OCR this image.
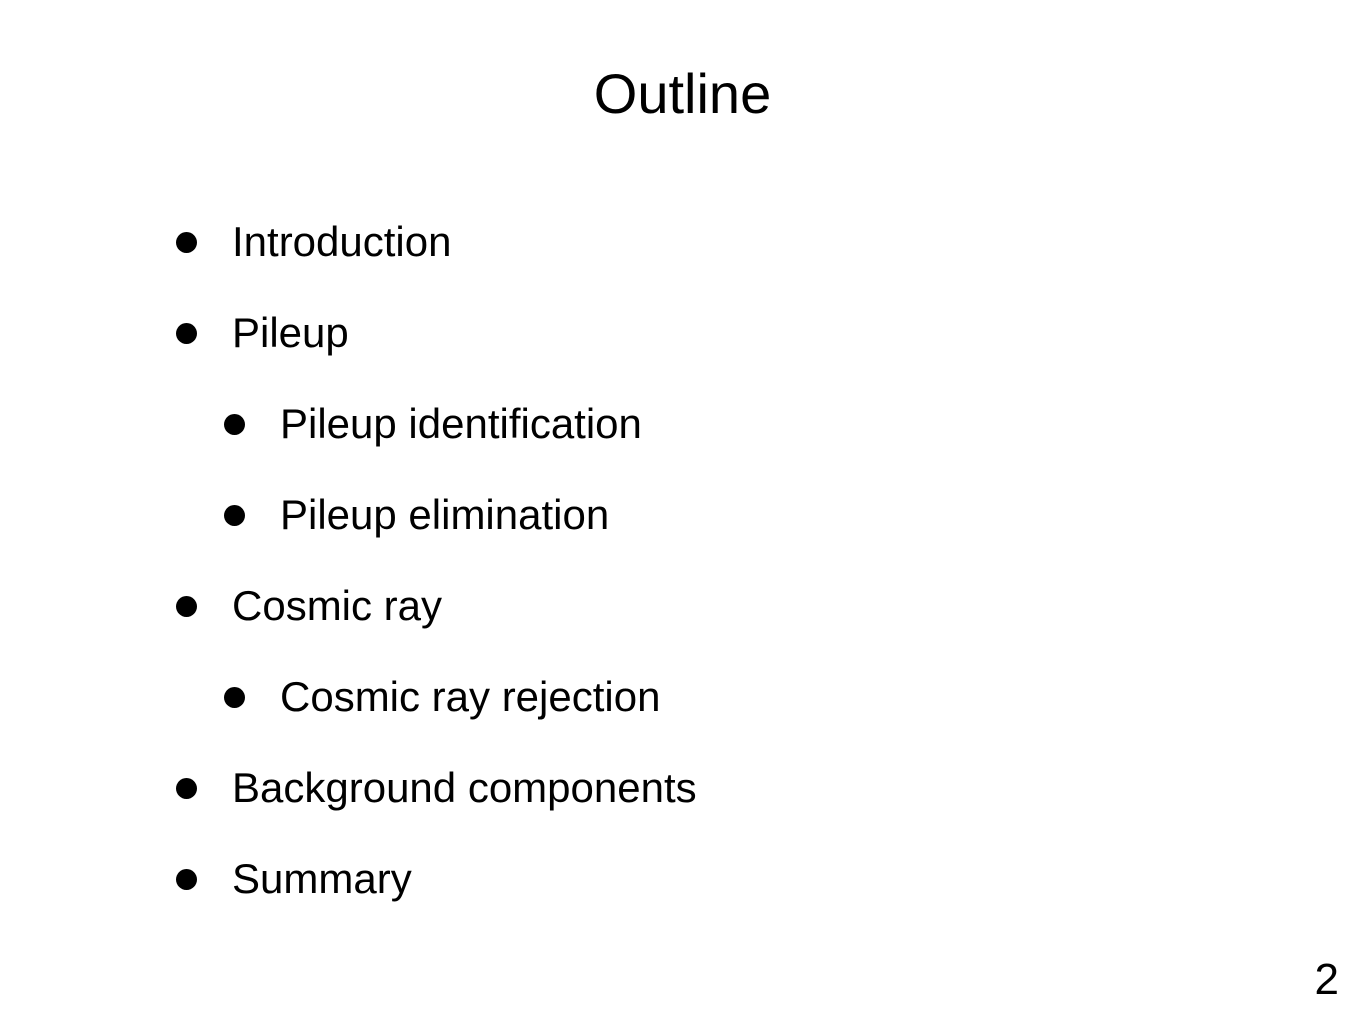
Outline
Introduction
Pileup
Pileup identification
Pileup elimination
Cosmic ray
Cosmic ray rejection
Background components
Summary
2
